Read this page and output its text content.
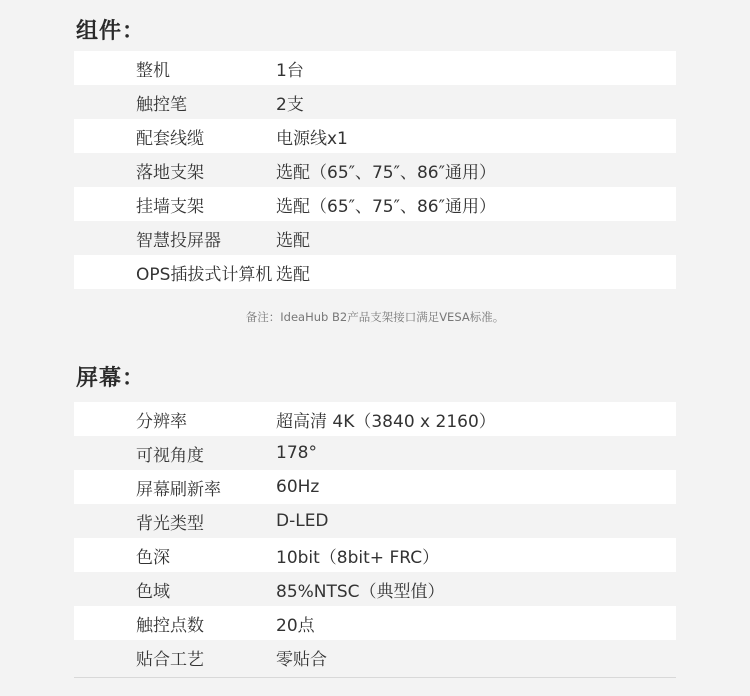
组件：
整机	1台
触控笔	2支
配套线缆	电源线x1
落地支架	选配（65″、75″、86″通用）
挂墙支架	选配（65″、75″、86″通用）
智慧投屏器	选配
OPS插拔式计算机 选配
备注：IdeaHub B2产品支架接口满足VESA标准。
屏幕：
分辨率	超高清 4K（3840 x 2160）
可视角度	178°
屏幕刷新率	60Hz
背光类型	D-LED
色深	10bit（8bit+ FRC）
色域	85%NTSC（典型值）
触控点数	20点
贴合工艺	零贴合
